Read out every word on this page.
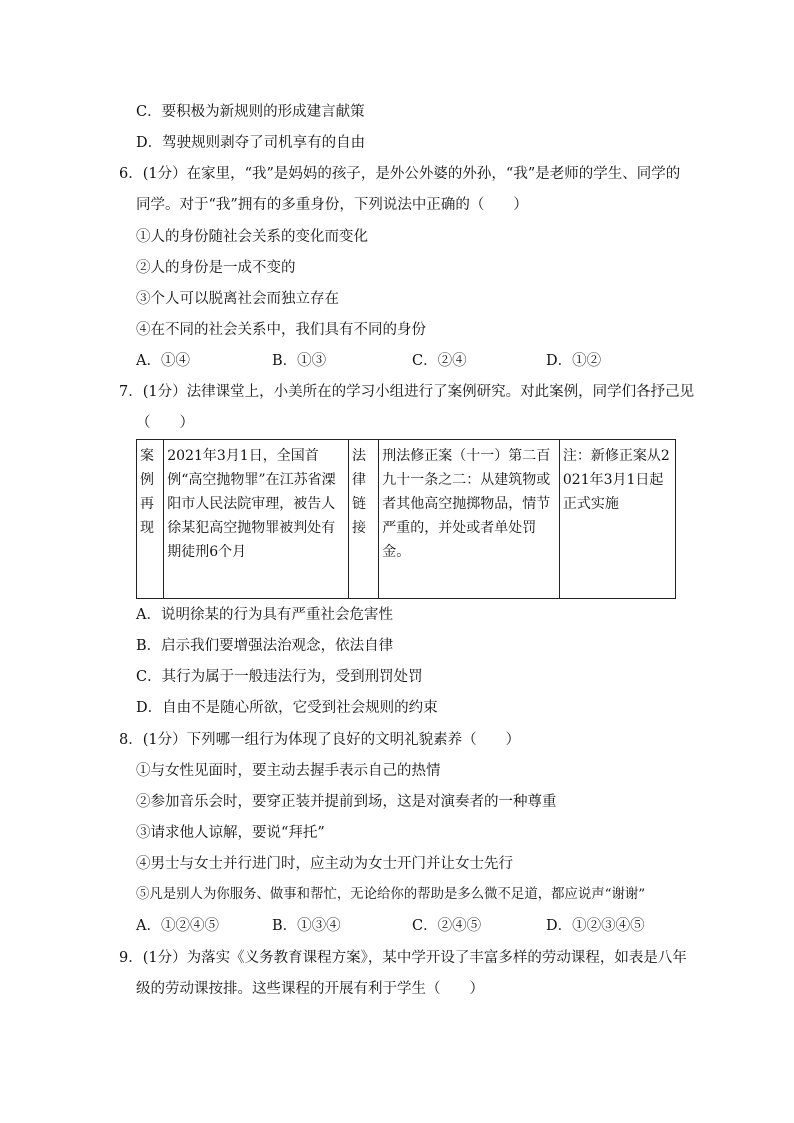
C．要积极为新规则的形成建言献策
D．驾驶规则剥夺了司机享有的自由
6．(1分）在家里，“我”是妈妈的孩子，是外公外婆的外孙，“我”是老师的学生、同学的
同学。对于“我”拥有的多重身份，下列说法中正确的（　　）
①人的身份随社会关系的变化而变化
②人的身份是一成不变的
③个人可以脱离社会而独立存在
④在不同的社会关系中，我们具有不同的身份
A．①④	B．①③	C．②④	D．①②
7．(1分）法律课堂上，小美所在的学习小组进行了案例研究。对此案例，同学们各抒己见
（　　）
案例再现	2021年3月1日，全国首例“高空抛物罪”在江苏省溧阳市人民法院审理，被告人徐某犯高空抛物罪被判处有期徒刑6个月	法律链接	刑法修正案（十一）第二百九十一条之二：从建筑物或者其他高空抛掷物品，情节严重的，并处或者单处罚金。	注：新修正案从2021年3月1日起正式实施
A．说明徐某的行为具有严重社会危害性
B．启示我们要增强法治观念，依法自律
C．其行为属于一般违法行为，受到刑罚处罚
D．自由不是随心所欲，它受到社会规则的约束
8．(1分）下列哪一组行为体现了良好的文明礼貌素养（　　）
①与女性见面时，要主动去握手表示自己的热情
②参加音乐会时，要穿正装并提前到场，这是对演奏者的一种尊重
③请求他人谅解，要说“拜托”
④男士与女士并行进门时，应主动为女士开门并让女士先行
⑤凡是别人为你服务、做事和帮忙，无论给你的帮助是多么微不足道，都应说声“谢谢”
A．①②④⑤	B．①③④	C．②④⑤	D．①②③④⑤
9．(1分）为落实《义务教育课程方案》，某中学开设了丰富多样的劳动课程，如表是八年
级的劳动课按排。这些课程的开展有利于学生（　　）
